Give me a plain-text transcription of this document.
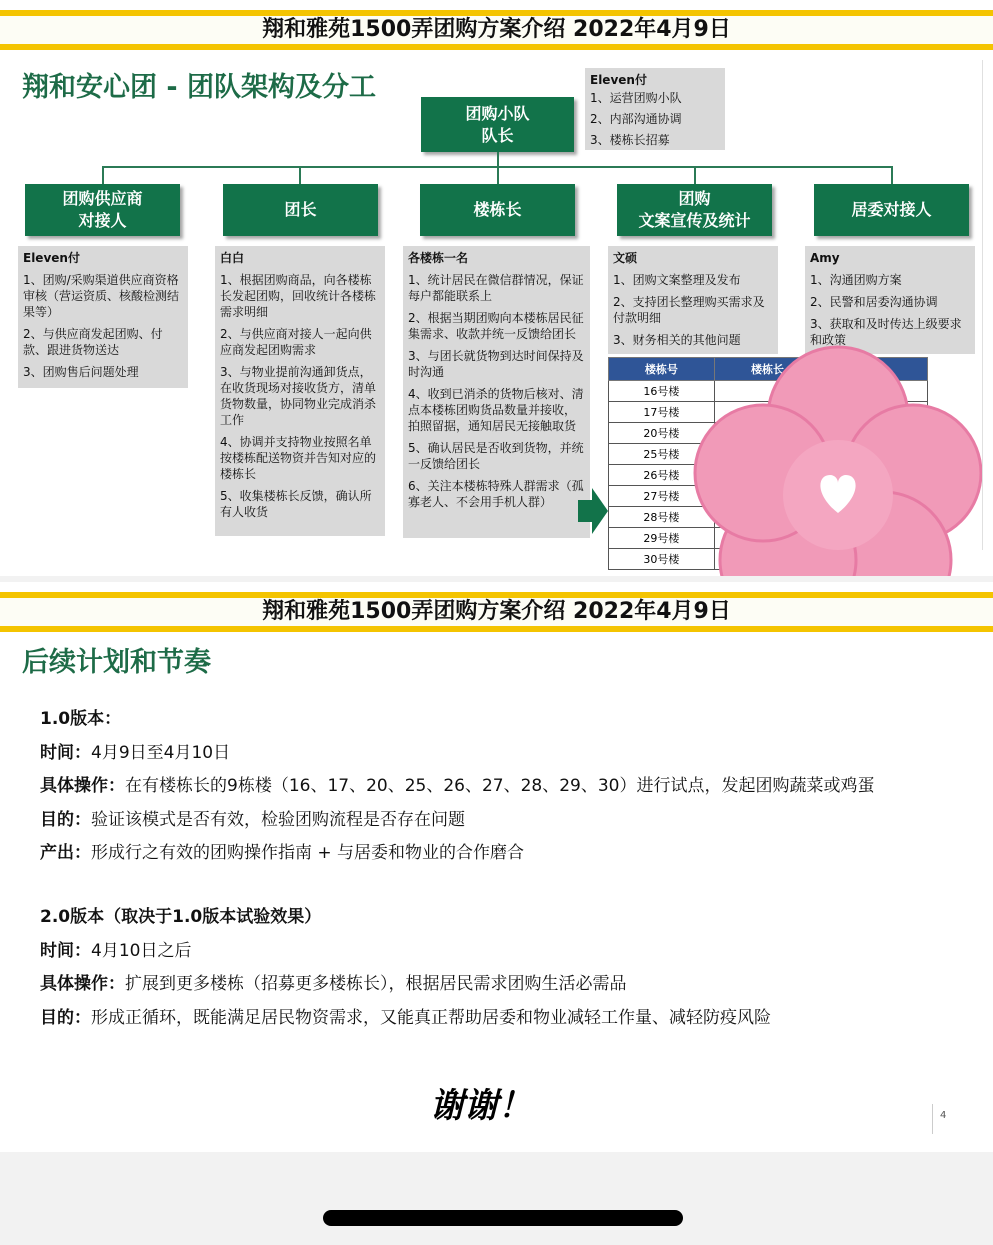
翔和雅苑1500弄团购方案介绍 2022年4月9日
翔和安心团 - 团队架构及分工
团购小队
队长
Eleven付
1、运营团购小队
2、内部沟通协调
3、楼栋长招募
团购供应商
对接人
团长	楼栋长
团购
文案宣传及统计
居委对接人
Eleven付
1、团购/采购渠道供应商资格审核（营运资质、核酸检测结果等）
2、与供应商发起团购、付款、跟进货物送达
3、团购售后问题处理
白白
1、根据团购商品，向各楼栋长发起团购，回收统计各楼栋需求明细
2、与供应商对接人一起向供应商发起团购需求
3、与物业提前沟通卸货点，在收货现场对接收货方，清单货物数量，协同物业完成消杀工作
4、协调并支持物业按照名单按楼栋配送物资并告知对应的楼栋长
5、收集楼栋长反馈，确认所有人收货
各楼栋一名
1、统计居民在微信群情况，保证每户都能联系上
2、根据当期团购向本楼栋居民征集需求、收款并统一反馈给团长
3、与团长就货物到达时间保持及时沟通
4、收到已消杀的货物后核对、清点本楼栋团购货品数量并接收，拍照留据，通知居民无接触取货
5、确认居民是否收到货物，并统一反馈给团长
6、关注本楼栋特殊人群需求（孤寡老人、不会用手机人群）
文硕
1、团购文案整理及发布
2、支持团长整理购买需求及付款明细
3、财务相关的其他问题
Amy
1、沟通团购方案
2、民警和居委沟通协调
3、获取和及时传达上级要求和政策
楼栋号	楼栋长	
16号楼		
17号楼		
20号楼		
25号楼		
26号楼		
27号楼		
28号楼		
29号楼		
30号楼		
翔和雅苑1500弄团购方案介绍 2022年4月9日
后续计划和节奏
1.0版本：
时间：4月9日至4月10日
具体操作：在有楼栋长的9栋楼（16、17、20、25、26、27、28、29、30）进行试点，发起团购蔬菜或鸡蛋
目的：验证该模式是否有效，检验团购流程是否存在问题
产出：形成行之有效的团购操作指南 + 与居委和物业的合作磨合
2.0版本（取决于1.0版本试验效果）
时间：4月10日之后
具体操作：扩展到更多楼栋（招募更多楼栋长），根据居民需求团购生活必需品
目的：形成正循环，既能满足居民物资需求，又能真正帮助居委和物业减轻工作量、减轻防疫风险
谢谢！	4
